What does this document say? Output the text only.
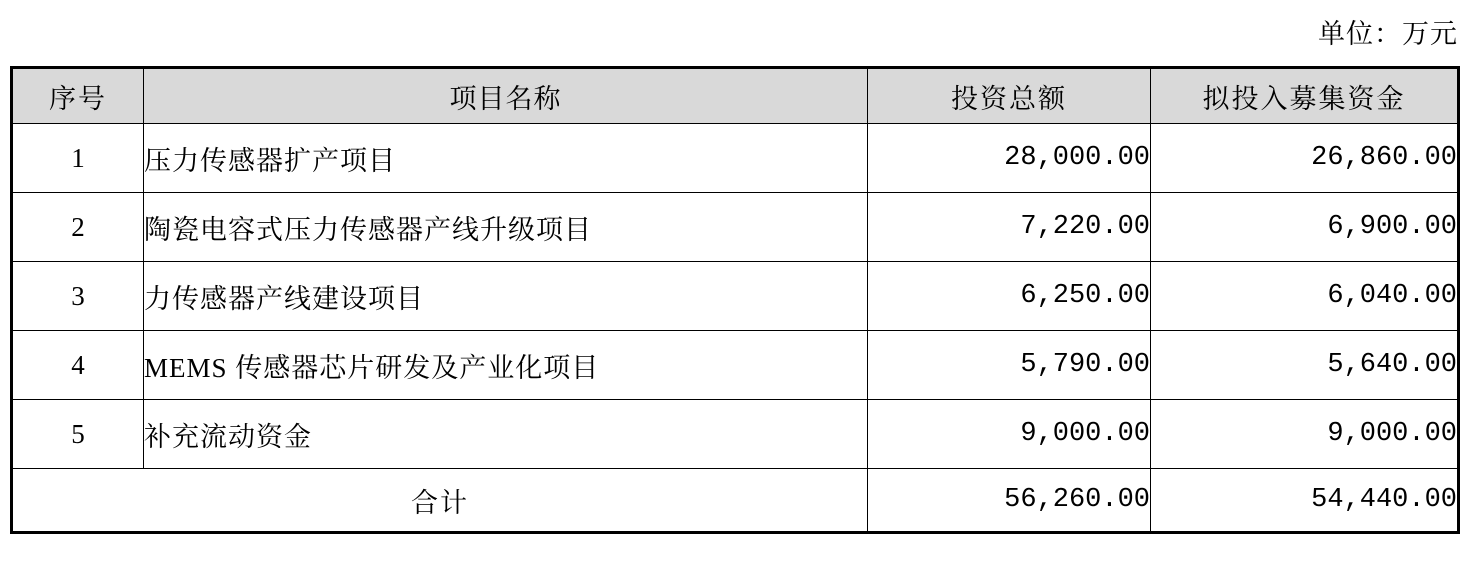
单位：万元
序号	项目名称	投资总额	拟投入募集资金
1	压力传感器扩产项目	28,000.00	26,860.00
2	陶瓷电容式压力传感器产线升级项目	7,220.00	6,900.00
3	力传感器产线建设项目	6,250.00	6,040.00
4	MEMS 传感器芯片研发及产业化项目	5,790.00	5,640.00
5	补充流动资金	9,000.00	9,000.00
合计		56,260.00	54,440.00
